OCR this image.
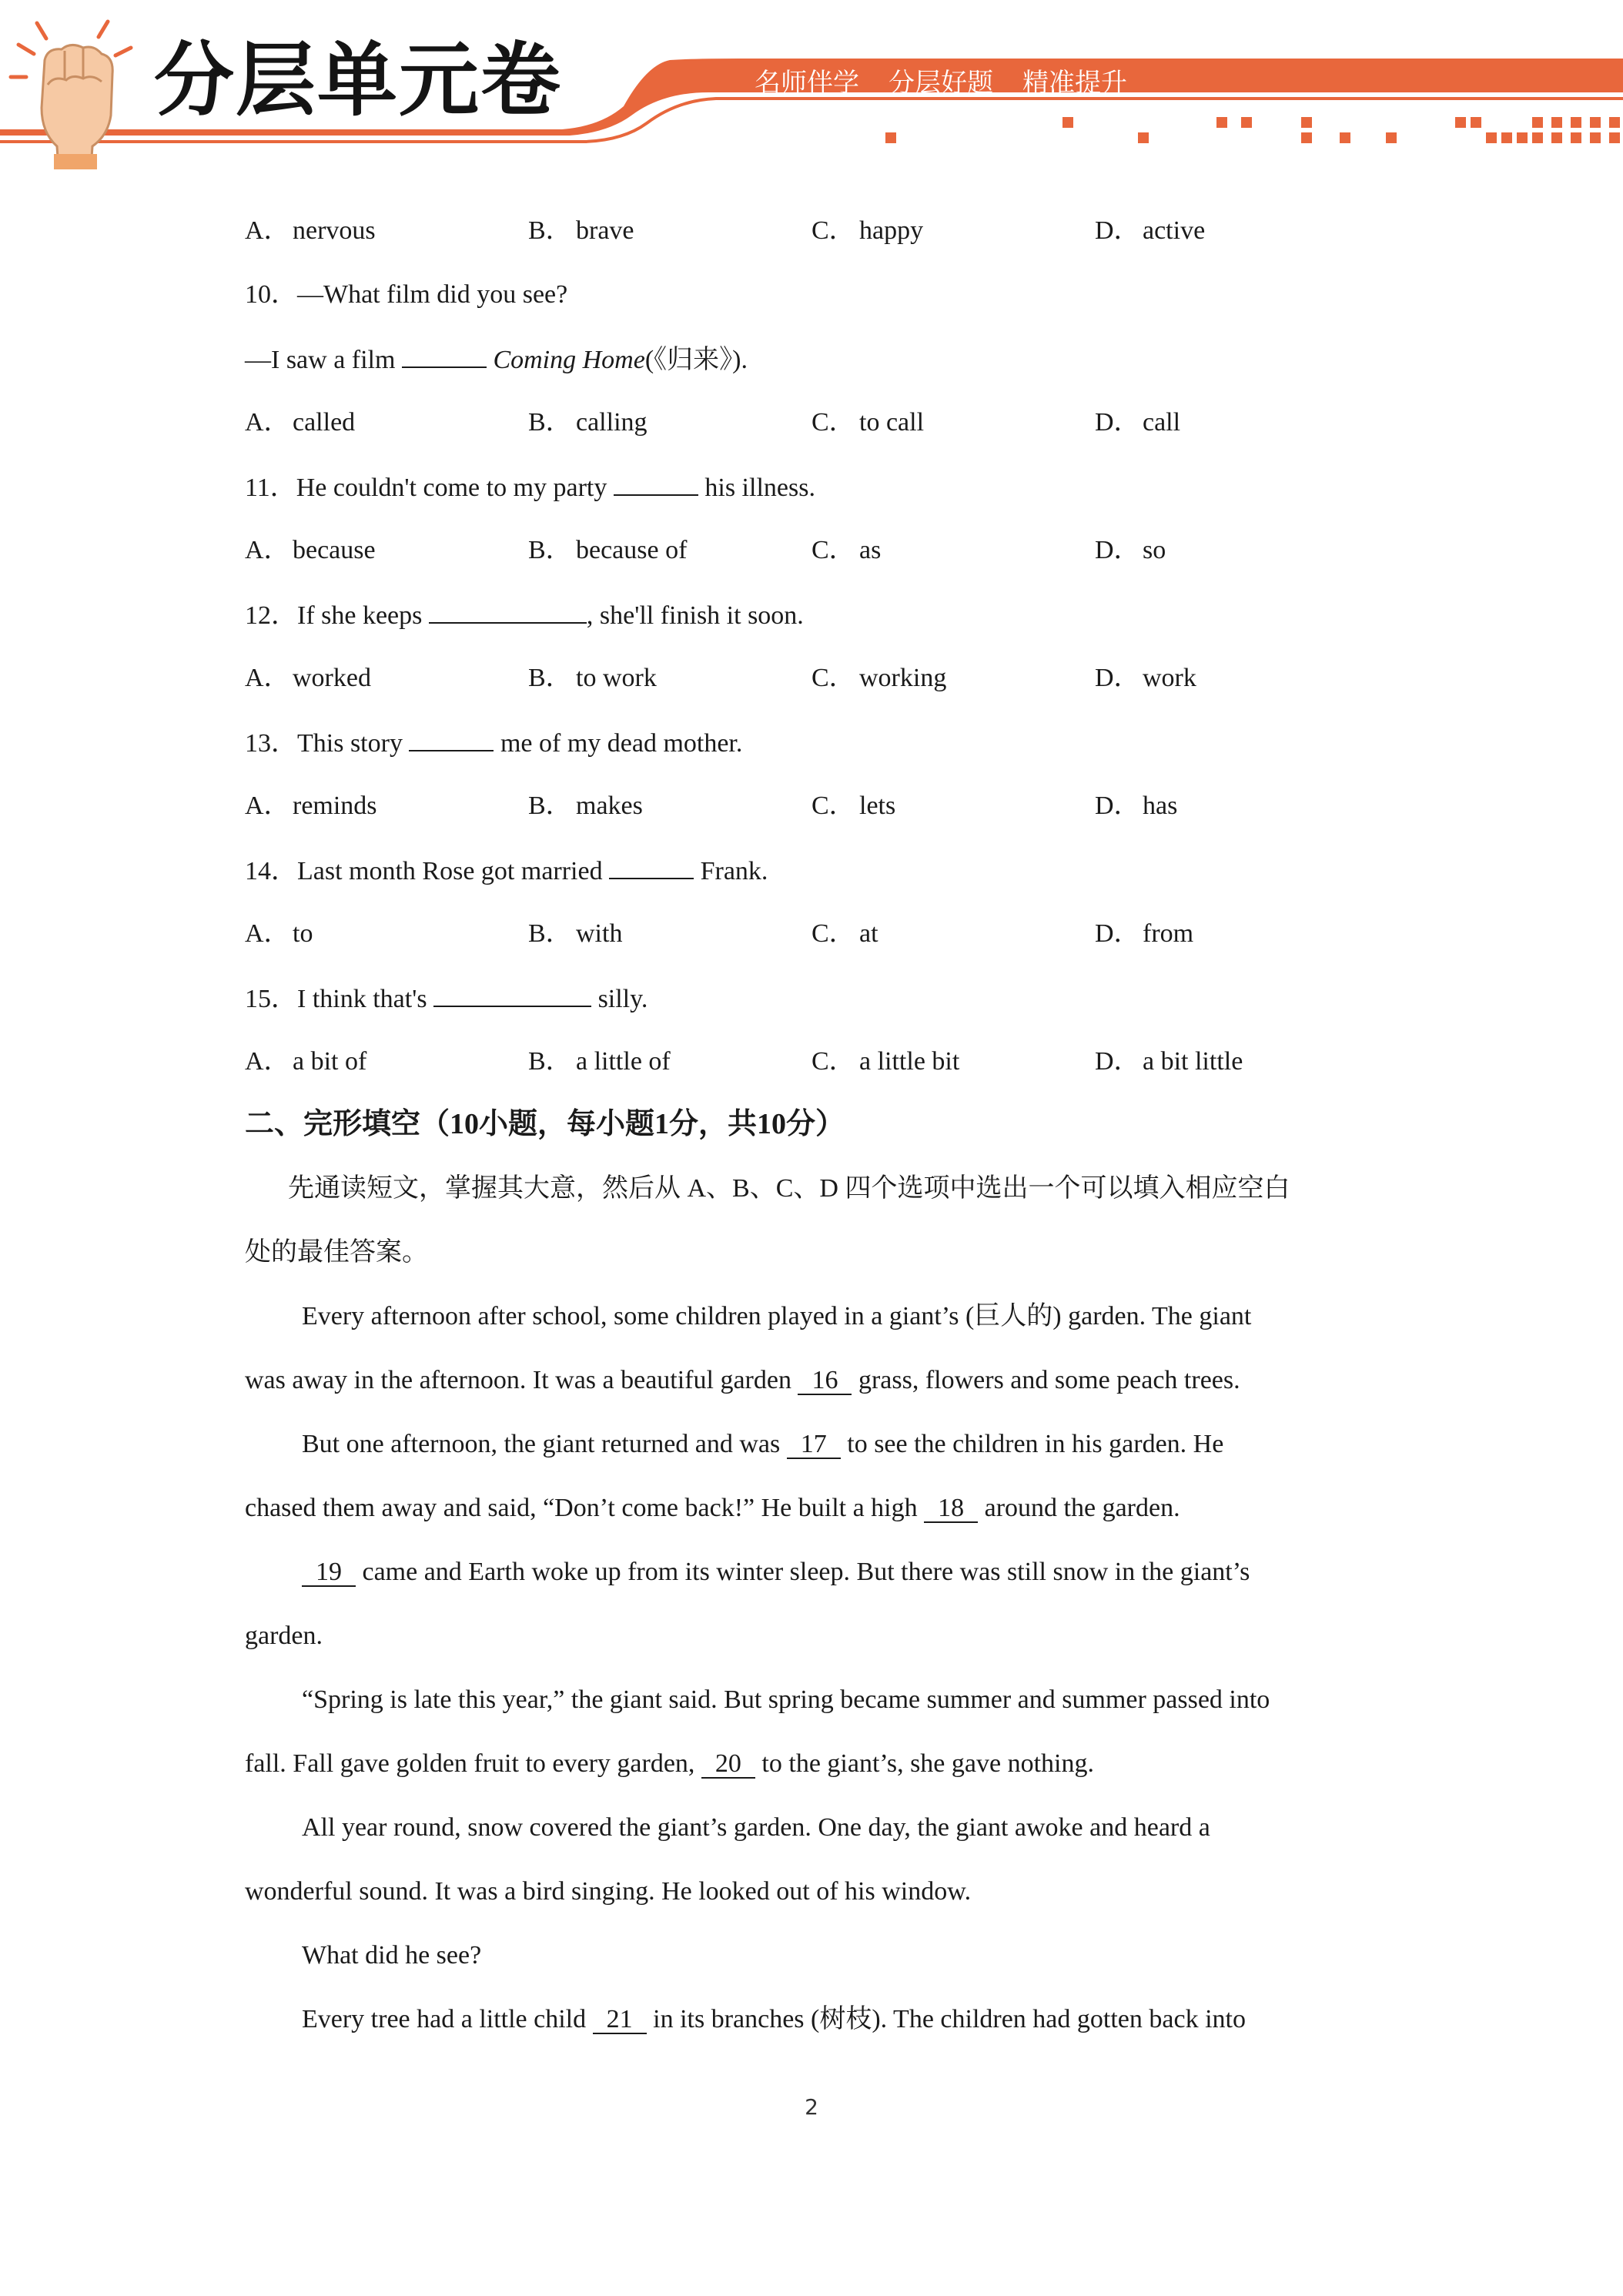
分层单元卷	名师伴学 分层好题 精准提升
A． nervous	B． brave	C． happy	D． active
10．—What film did you see?
—I saw a film	Coming Home(《归来》).
A． called	B． calling	C． to call	D． call
11．He couldn't come to my party	his illness.
A． because	B． because of	C． as	D． so
12．If she keeps	, she'll finish it soon.
A． worked	B． to work	C． working	D． work
13．This story	me of my dead mother.
A． reminds	B． makes	C． lets	D． has
14．Last month Rose got married	Frank.
A． to	B． with	C． at	D． from
15．I think that's	silly.
A． a bit of	B． a little of	C． a little bit	D． a bit little
二、完形填空（10小题，每小题1分，共10分）
先通读短文，掌握其大意，然后从 A、B、C、D 四个选项中选出一个可以填入相应空白
处的最佳答案。
Every afternoon after school, some children played in a giant’s (巨人的) garden. The giant
was away in the afternoon. It was a beautiful garden 16 grass, flowers and some peach trees.
But one afternoon, the giant returned and was 17 to see the children in his garden. He
chased them away and said, “Don’t come back!” He built a high 18 around the garden.
19 came and Earth woke up from its winter sleep. But there was still snow in the giant’s
garden.
“Spring is late this year,” the giant said. But spring became summer and summer passed into
fall. Fall gave golden fruit to every garden, 20 to the giant’s, she gave nothing.
All year round, snow covered the giant’s garden. One day, the giant awoke and heard a
wonderful sound. It was a bird singing. He looked out of his window.
What did he see?
Every tree had a little child 21 in its branches (树枝). The children had gotten back into
2
